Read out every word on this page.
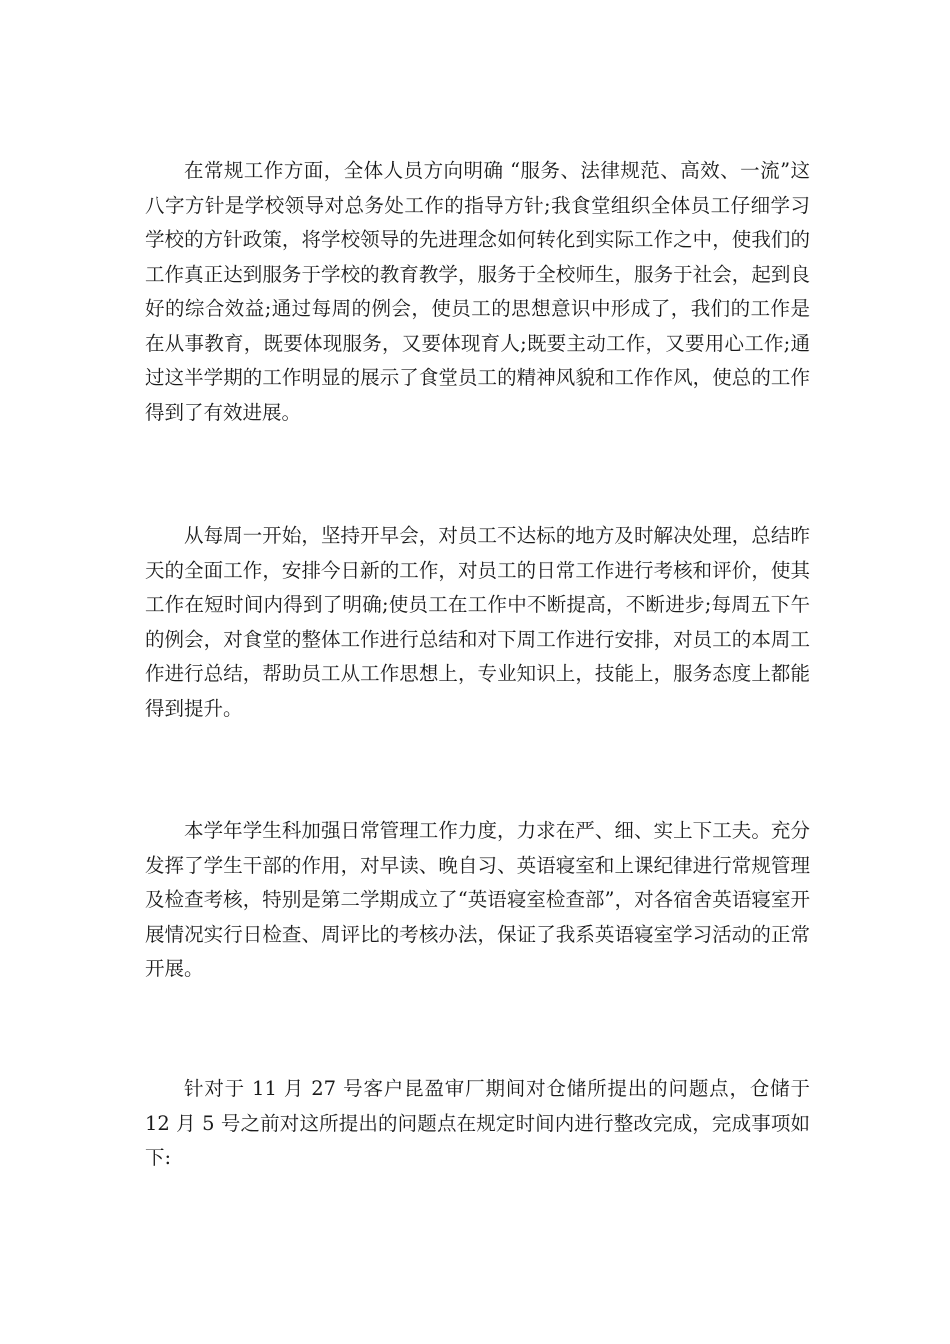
在常规工作方面，全体人员方向明确 “服务、法律规范、高效、一流”这八字方针是学校领导对总务处工作的指导方针;我食堂组织全体员工仔细学习学校的方针政策，将学校领导的先进理念如何转化到实际工作之中，使我们的工作真正达到服务于学校的教育教学，服务于全校师生，服务于社会，起到良好的综合效益;通过每周的例会，使员工的思想意识中形成了，我们的工作是在从事教育，既要体现服务，又要体现育人;既要主动工作，又要用心工作;通过这半学期的工作明显的展示了食堂员工的精神风貌和工作作风，使总的工作得到了有效进展。

从每周一开始，坚持开早会，对员工不达标的地方及时解决处理，总结昨天的全面工作，安排今日新的工作，对员工的日常工作进行考核和评价，使其工作在短时间内得到了明确;使员工在工作中不断提高，不断进步;每周五下午的例会，对食堂的整体工作进行总结和对下周工作进行安排，对员工的本周工作进行总结，帮助员工从工作思想上，专业知识上，技能上，服务态度上都能得到提升。

本学年学生科加强日常管理工作力度，力求在严、细、实上下工夫。充分发挥了学生干部的作用，对早读、晚自习、英语寝室和上课纪律进行常规管理及检查考核，特别是第二学期成立了“英语寝室检查部”，对各宿舍英语寝室开展情况实行日检查、周评比的考核办法，保证了我系英语寝室学习活动的正常开展。

针对于 11 月 27 号客户昆盈审厂期间对仓储所提出的问题点，仓储于 12 月 5 号之前对这所提出的问题点在规定时间内进行整改完成，完成事项如下:
